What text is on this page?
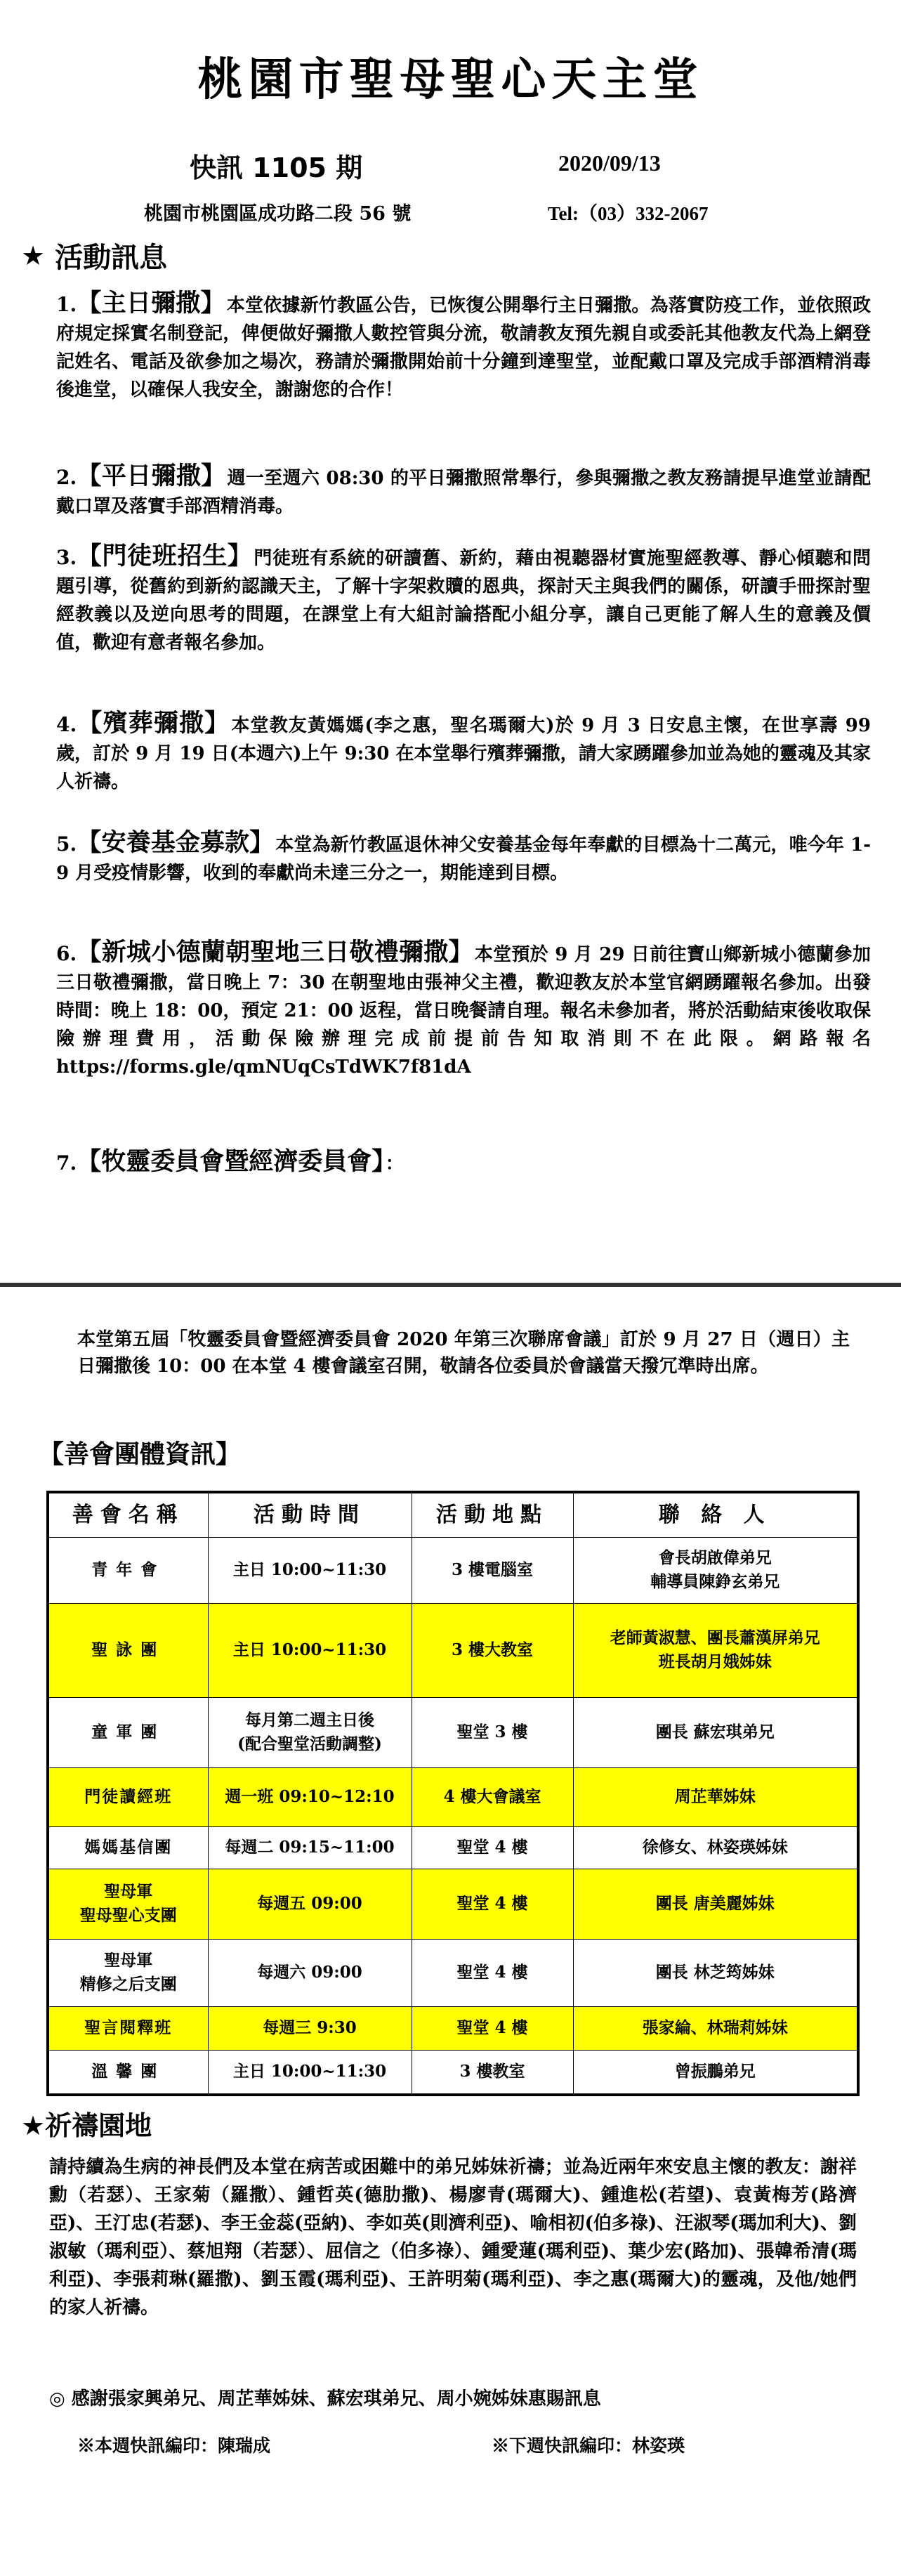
桃園市聖母聖心天主堂
快訊 1105 期	2020/09/13
桃園市桃園區成功路二段 56 號	Tel:（03）332-2067
★ 活動訊息
1.【主日彌撒】本堂依據新竹教區公告，已恢復公開舉行主日彌撒。為落實防疫工作，並依照政府規定採實名制登記，俾便做好彌撒人數控管與分流，敬請教友預先親自或委託其他教友代為上網登記姓名、電話及欲參加之場次，務請於彌撒開始前十分鐘到達聖堂，並配戴口罩及完成手部酒精消毒後進堂，以確保人我安全，謝謝您的合作！
2.【平日彌撒】週一至週六 08:30 的平日彌撒照常舉行，參與彌撒之教友務請提早進堂並請配戴口罩及落實手部酒精消毒。
3.【門徒班招生】門徒班有系統的研讀舊、新約，藉由視聽器材實施聖經教導、靜心傾聽和問題引導，從舊約到新約認識天主，了解十字架救贖的恩典，探討天主與我們的關係，研讀手冊探討聖經教義以及逆向思考的問題，在課堂上有大組討論搭配小組分享，讓自己更能了解人生的意義及價值，歡迎有意者報名參加。
4.【殯葬彌撒】本堂教友黃媽媽(李之惠，聖名瑪爾大)於 9 月 3 日安息主懷，在世享壽 99 歲，訂於 9 月 19 日(本週六)上午 9:30 在本堂舉行殯葬彌撒，請大家踴躍參加並為她的靈魂及其家人祈禱。
5.【安養基金募款】本堂為新竹教區退休神父安養基金每年奉獻的目標為十二萬元，唯今年 1-9 月受疫情影響，收到的奉獻尚未達三分之一，期能達到目標。
6.【新城小德蘭朝聖地三日敬禮彌撒】本堂預於 9 月 29 日前往寶山鄉新城小德蘭參加三日敬禮彌撒，當日晚上 7：30 在朝聖地由張神父主禮，歡迎教友於本堂官網踴躍報名參加。出發時間：晚上 18：00，預定 21：00 返程，當日晚餐請自理。報名未參加者，將於活動結束後收取保險辦理費用，活動保險辦理完成前提前告知取消則不在此限。網路報名 https://forms.gle/qmNUqCsTdWK7f81dA
7.【牧靈委員會暨經濟委員會】：
本堂第五屆「牧靈委員會暨經濟委員會 2020 年第三次聯席會議」訂於 9 月 27 日（週日）主日彌撒後 10：00 在本堂 4 樓會議室召開，敬請各位委員於會議當天撥冗準時出席。
【善會團體資訊】
善會名稱	活動時間	活動地點	聯 絡 人
青年會	主日 10:00~11:30	3 樓電腦室	會長胡啟偉弟兄
輔導員陳錚玄弟兄
聖詠團	主日 10:00~11:30	3 樓大教室	老師黃淑慧、團長蕭漢屏弟兄
班長胡月娥姊妹
童軍團	每月第二週主日後
(配合聖堂活動調整)	聖堂 3 樓	團長 蘇宏琪弟兄
門徒讀經班	週一班 09:10~12:10	4 樓大會議室	周芷華姊妹
媽媽基信團	每週二 09:15~11:00	聖堂 4 樓	徐修女、林姿瑛姊妹
聖母軍
聖母聖心支團	每週五 09:00	聖堂 4 樓	團長 唐美麗姊妹
聖母軍
精修之后支團	每週六 09:00	聖堂 4 樓	團長 林芝筠姊妹
聖言閱釋班	每週三 9:30	聖堂 4 樓	張家綸、林瑞莉姊妹
溫馨團	主日 10:00~11:30	3 樓教室	曾振鵬弟兄
★祈禱園地
請持續為生病的神長們及本堂在病苦或困難中的弟兄姊妹祈禱；並為近兩年來安息主懷的教友：謝祥勳（若瑟）、王家菊（羅撒）、鍾哲英(德肋撒)、楊廖青(瑪爾大)、鍾進松(若望)、袁黃梅芳(路濟亞)、王汀忠(若瑟)、李王金蕊(亞納)、李如英(則濟利亞)、喻相初(伯多祿)、汪淑琴(瑪加利大)、劉淑敏（瑪利亞）、蔡旭翔（若瑟）、屈信之（伯多祿）、鍾愛蓮(瑪利亞)、葉少宏(路加)、張韓希清(瑪利亞)、李張莉琳(羅撒)、劉玉霞(瑪利亞)、王許明菊(瑪利亞)、李之惠(瑪爾大)的靈魂，及他/她們的家人祈禱。
◎ 感謝張家興弟兄、周芷華姊妹、蘇宏琪弟兄、周小婉姊妹惠賜訊息
※本週快訊編印：陳瑞成	※下週快訊編印：林姿瑛
